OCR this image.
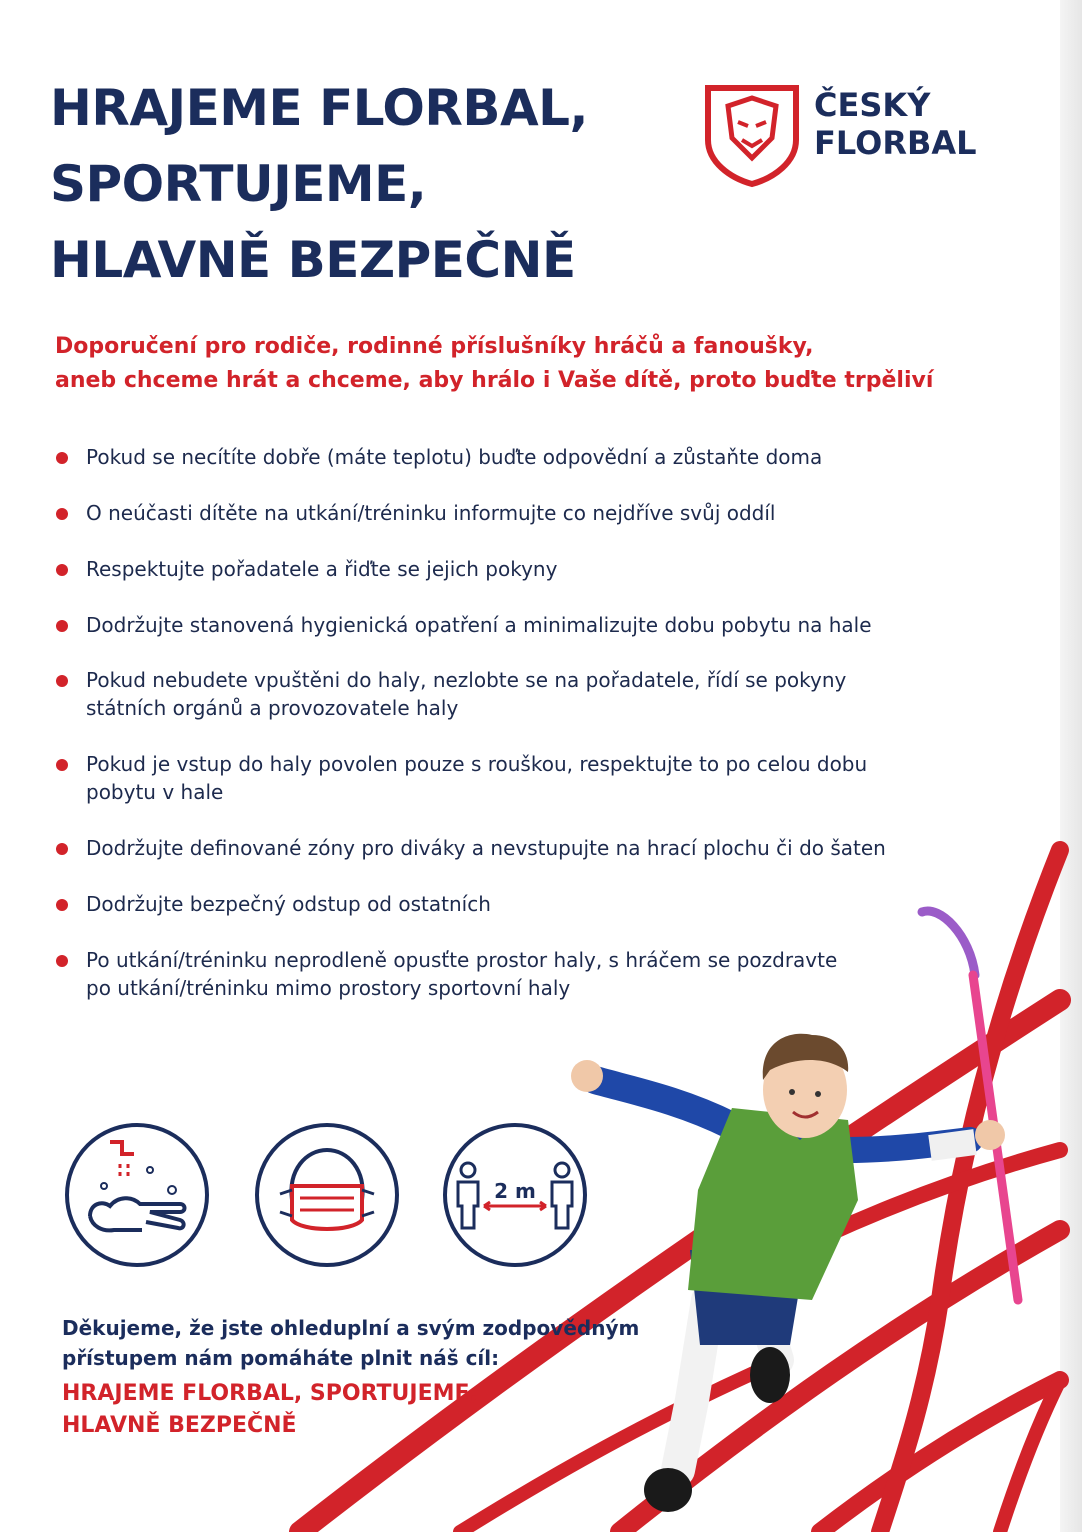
HRAJEME FLORBAL,
SPORTUJEME,
HLAVNĚ BEZPEČNĚ
ČESKÝ
FLORBAL
Doporučení pro rodiče, rodinné příslušníky hráčů a fanoušky,
aneb chceme hrát a chceme, aby hrálo i Vaše dítě, proto buďte trpěliví
Pokud se necítíte dobře (máte teplotu) buďte odpovědní a zůstaňte doma
O neúčasti dítěte na utkání/tréninku informujte co nejdříve svůj oddíl
Respektujte pořadatele a řiďte se jejich pokyny
Dodržujte stanovená hygienická opatření a minimalizujte dobu pobytu na hale
Pokud nebudete vpuštěni do haly, nezlobte se na pořadatele, řídí se pokyny
státních orgánů a provozovatele haly
Pokud je vstup do haly povolen pouze s rouškou, respektujte to po celou dobu
pobytu v hale
Dodržujte definované zóny pro diváky a nevstupujte na hrací plochu či do šaten
Dodržujte bezpečný odstup od ostatních
Po utkání/tréninku neprodleně opusťte prostor haly, s hráčem se pozdravte
po utkání/tréninku mimo prostory sportovní haly
2 m
Děkujeme, že jste ohleduplní a svým zodpovědným
přístupem nám pomáháte plnit náš cíl:
HRAJEME FLORBAL, SPORTUJEME,
HLAVNĚ BEZPEČNĚ
